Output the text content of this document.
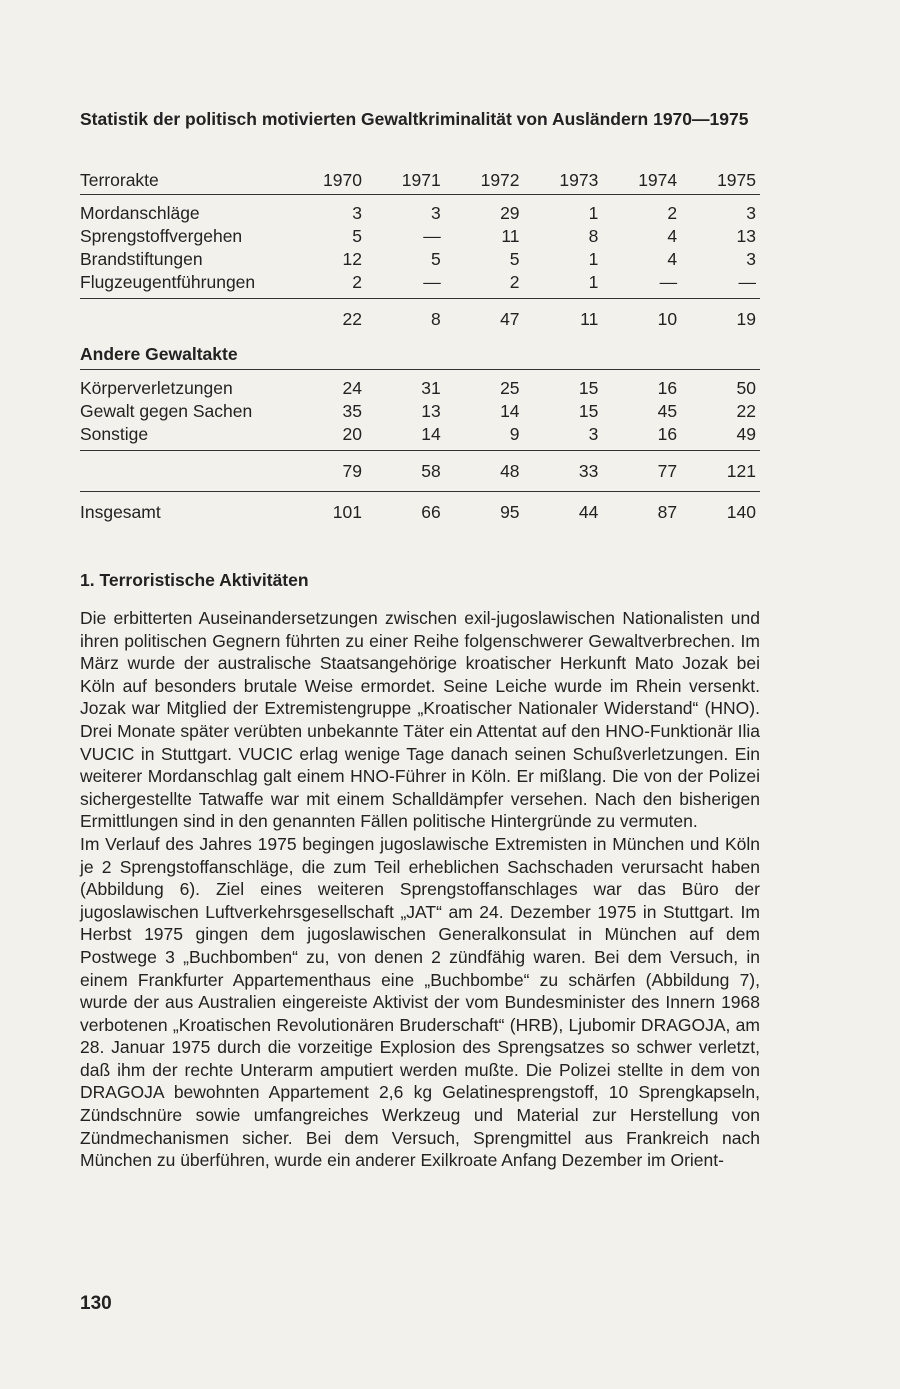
Statistik der politisch motivierten Gewaltkriminalität von Ausländern 1970—1975
Terrorakte	1970	1971	1972	1973	1974	1975
Mordanschläge	3	3	29	1	2	3
Sprengstoffvergehen	5	—	11	8	4	13
Brandstiftungen	12	5	5	1	4	3
Flugzeugentführungen	2	—	2	1	—	—
	22	8	47	11	10	19
Andere Gewaltakte						
Körperverletzungen	24	31	25	15	16	50
Gewalt gegen Sachen	35	13	14	15	45	22
Sonstige	20	14	9	3	16	49
	79	58	48	33	77	121
Insgesamt	101	66	95	44	87	140
1. Terroristische Aktivitäten

Die erbitterten Auseinandersetzungen zwischen exil-jugoslawischen Nationalisten und ihren politischen Gegnern führten zu einer Reihe folgenschwerer Gewaltverbrechen. Im März wurde der australische Staatsangehörige kroatischer Herkunft Mato Jozak bei Köln auf besonders brutale Weise ermordet. Seine Leiche wurde im Rhein versenkt. Jozak war Mitglied der Extremistengruppe „Kroatischer Nationaler Widerstand“ (HNO). Drei Monate später verübten unbekannte Täter ein Attentat auf den HNO-Funktionär Ilia VUCIC in Stuttgart. VUCIC erlag wenige Tage danach seinen Schußverletzungen. Ein weiterer Mordanschlag galt einem HNO-Führer in Köln. Er mißlang. Die von der Polizei sichergestellte Tatwaffe war mit einem Schalldämpfer versehen. Nach den bisherigen Ermittlungen sind in den genannten Fällen politische Hintergründe zu vermuten.

Im Verlauf des Jahres 1975 begingen jugoslawische Extremisten in München und Köln je 2 Sprengstoffanschläge, die zum Teil erheblichen Sachschaden verursacht haben (Abbildung 6). Ziel eines weiteren Sprengstoffanschlages war das Büro der jugoslawischen Luftverkehrsgesellschaft „JAT“ am 24. Dezember 1975 in Stuttgart. Im Herbst 1975 gingen dem jugoslawischen Generalkonsulat in München auf dem Postwege 3 „Buchbomben“ zu, von denen 2 zündfähig waren. Bei dem Versuch, in einem Frankfurter Appartementhaus eine „Buchbombe“ zu schärfen (Abbildung 7), wurde der aus Australien eingereiste Aktivist der vom Bundesminister des Innern 1968 verbotenen „Kroatischen Revolutionären Bruderschaft“ (HRB), Ljubomir DRAGOJA, am 28. Januar 1975 durch die vorzeitige Explosion des Sprengsatzes so schwer verletzt, daß ihm der rechte Unterarm amputiert werden mußte. Die Polizei stellte in dem von DRAGOJA bewohnten Appartement 2,6 kg Gelatinesprengstoff, 10 Sprengkapseln, Zündschnüre sowie umfangreiches Werkzeug und Material zur Herstellung von Zündmechanismen sicher. Bei dem Versuch, Sprengmittel aus Frankreich nach München zu überführen, wurde ein anderer Exilkroate Anfang Dezember im Orient-

130
